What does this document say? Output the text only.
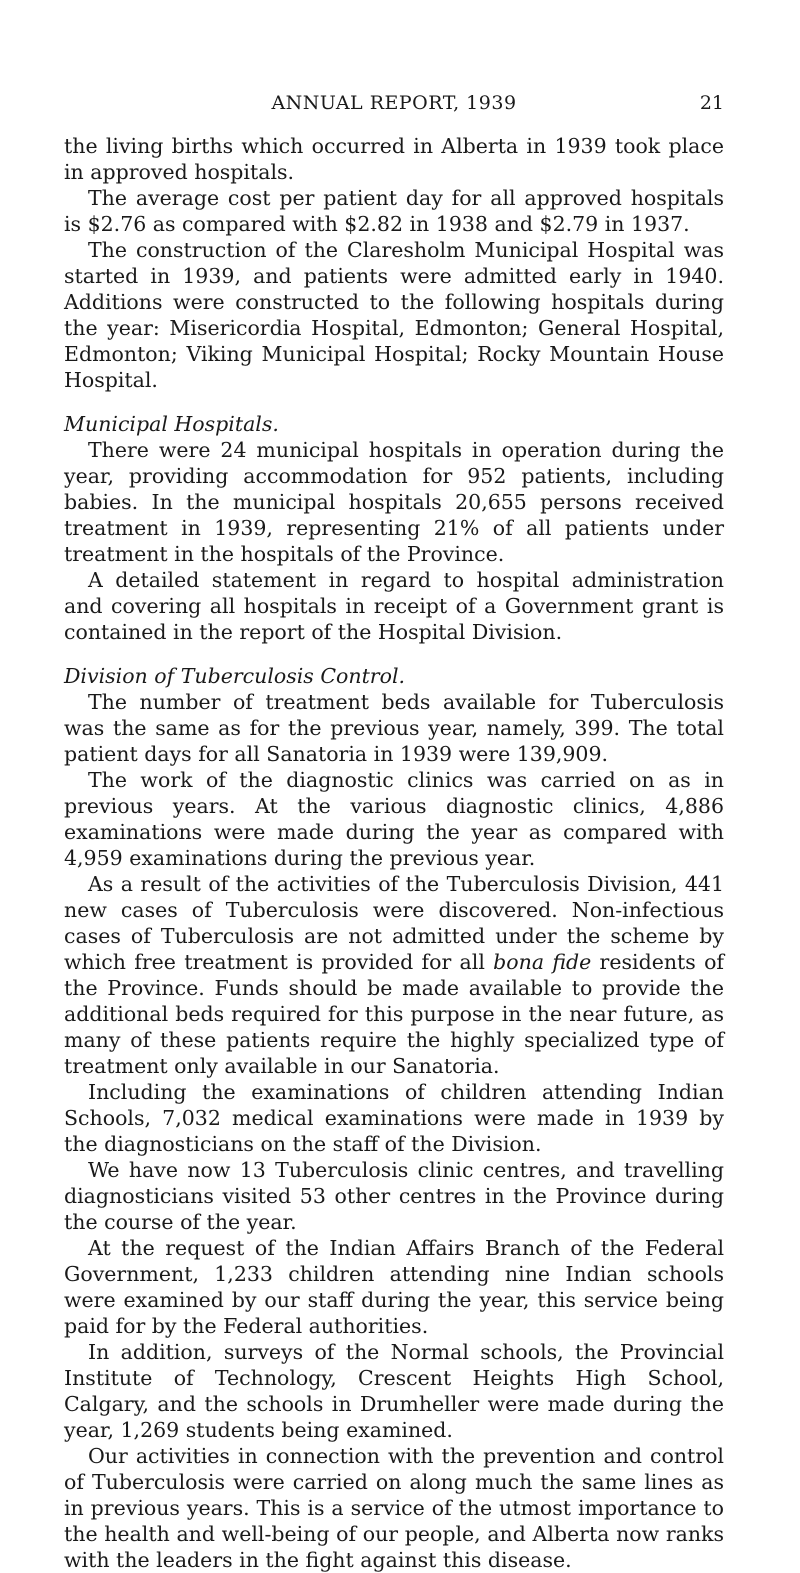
ANNUAL REPORT, 1939	21

the living births which occurred in Alberta in 1939 took place in approved hospitals.

The average cost per patient day for all approved hospitals is $2.76 as compared with $2.82 in 1938 and $2.79 in 1937.

The construction of the Claresholm Municipal Hospital was started in 1939, and patients were admitted early in 1940. Additions were constructed to the following hospitals during the year: Misericordia Hospital, Edmonton; General Hospital, Edmonton; Viking Municipal Hospital; Rocky Mountain House Hospital.

Municipal Hospitals.

There were 24 municipal hospitals in operation during the year, providing accommodation for 952 patients, including babies. In the municipal hospitals 20,655 persons received treatment in 1939, representing 21% of all patients under treatment in the hospitals of the Province.

A detailed statement in regard to hospital administration and covering all hospitals in receipt of a Government grant is contained in the report of the Hospital Division.

Division of Tuberculosis Control.

The number of treatment beds available for Tuberculosis was the same as for the previous year, namely, 399. The total patient days for all Sanatoria in 1939 were 139,909.

The work of the diagnostic clinics was carried on as in previous years. At the various diagnostic clinics, 4,886 examinations were made during the year as compared with 4,959 examinations during the previous year.

As a result of the activities of the Tuberculosis Division, 441 new cases of Tuberculosis were discovered. Non-infectious cases of Tuberculosis are not admitted under the scheme by which free treatment is provided for all bona fide residents of the Province. Funds should be made available to provide the additional beds required for this purpose in the near future, as many of these patients require the highly specialized type of treatment only available in our Sanatoria.

Including the examinations of children attending Indian Schools, 7,032 medical examinations were made in 1939 by the diagnosticians on the staff of the Division.

We have now 13 Tuberculosis clinic centres, and travelling diagnosticians visited 53 other centres in the Province during the course of the year.

At the request of the Indian Affairs Branch of the Federal Government, 1,233 children attending nine Indian schools were examined by our staff during the year, this service being paid for by the Federal authorities.

In addition, surveys of the Normal schools, the Provincial Institute of Technology, Crescent Heights High School, Calgary, and the schools in Drumheller were made during the year, 1,269 students being examined.

Our activities in connection with the prevention and control of Tuberculosis were carried on along much the same lines as in previous years. This is a service of the utmost importance to the health and well-being of our people, and Alberta now ranks with the leaders in the fight against this disease.
